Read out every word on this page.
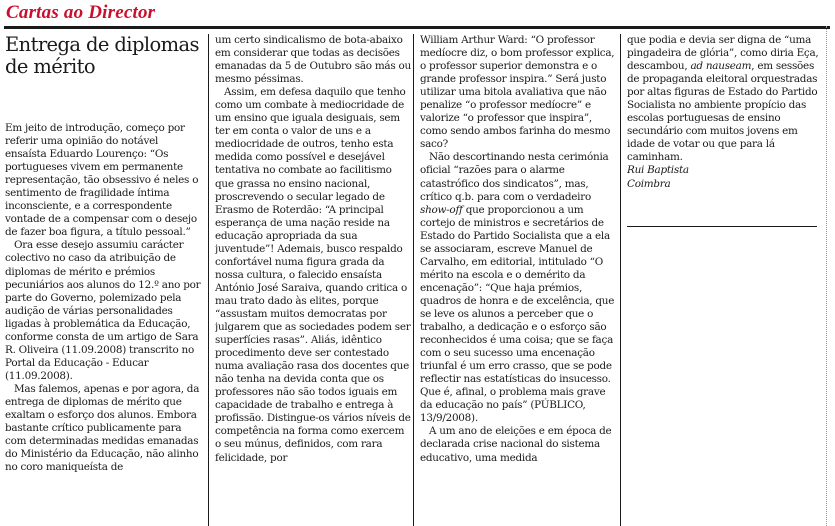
Cartas ao Director
Entrega de diplomas de mérito

Em jeito de introdução, começo por referir uma opinião do notável ensaísta Eduardo Lourenço: “Os portugueses vivem em permanente representação, tão obsessivo é neles o sentimento de fragilidade íntima inconsciente, e a correspondente vontade de a compensar com o desejo de fazer boa figura, a título pessoal.”

Ora esse desejo assumiu carácter colectivo no caso da atribuição de diplomas de mérito e prémios pecuniários aos alunos do 12.º ano por parte do Governo, polemizado pela audição de várias personalidades ligadas à problemática da Educação, conforme consta de um artigo de Sara R. Oliveira (11.09.2008) transcrito no Portal da Educação - Educar (11.09.2008).

Mas falemos, apenas e por agora, da entrega de diplomas de mérito que exaltam o esforço dos alunos. Embora bastante crítico publicamente para com determinadas medidas emanadas do Ministério da Educação, não alinho no coro maniqueísta de

um certo sindicalismo de bota-abaixo em considerar que todas as decisões emanadas da 5 de Outubro são más ou mesmo péssimas.

Assim, em defesa daquilo que tenho como um combate à mediocridade de um ensino que iguala desiguais, sem ter em conta o valor de uns e a mediocridade de outros, tenho esta medida como possível e desejável tentativa no combate ao facilitismo que grassa no ensino nacional, proscrevendo o secular legado de Erasmo de Roterdão: “A principal esperança de uma nação reside na educação apropriada da sua juventude”! Ademais, busco respaldo confortável numa figura grada da nossa cultura, o falecido ensaísta António José Saraiva, quando critica o mau trato dado às elites, porque “assustam muitos democratas por julgarem que as sociedades podem ser superfícies rasas”. Aliás, idêntico procedimento deve ser contestado numa avaliação rasa dos docentes que não tenha na devida conta que os professores não são todos iguais em capacidade de trabalho e entrega à profissão. Distingue-os vários níveis de competência na forma como exercem o seu múnus, definidos, com rara felicidade, por

William Arthur Ward: “O professor medíocre diz, o bom professor explica, o professor superior demonstra e o grande professor inspira.” Será justo utilizar uma bitola avaliativa que não penalize “o professor medíocre” e valorize “o professor que inspira”, como sendo ambos farinha do mesmo saco?

Não descortinando nesta cerimónia oficial “razões para o alarme catastrófico dos sindicatos”, mas, crítico q.b. para com o verdadeiro show-off que proporcionou a um cortejo de ministros e secretários de Estado do Partido Socialista que a ela se associaram, escreve Manuel de Carvalho, em editorial, intitulado “O mérito na escola e o demérito da encenação”: “Que haja prémios, quadros de honra e de excelência, que se leve os alunos a perceber que o trabalho, a dedicação e o esforço são reconhecidos é uma coisa; que se faça com o seu sucesso uma encenação triunfal é um erro crasso, que se pode reflectir nas estatísticas do insucesso. Que é, afinal, o problema mais grave da educação no país” (PÚBLICO, 13/9/2008).

A um ano de eleições e em época de declarada crise nacional do sistema educativo, uma medida

que podia e devia ser digna de “uma pingadeira de glória”, como diria Eça, descambou, ad nauseam, em sessões de propaganda eleitoral orquestradas por altas figuras de Estado do Partido Socialista no ambiente propício das escolas portuguesas de ensino secundário com muitos jovens em idade de votar ou que para lá caminham.

Rui Baptista

Coimbra
